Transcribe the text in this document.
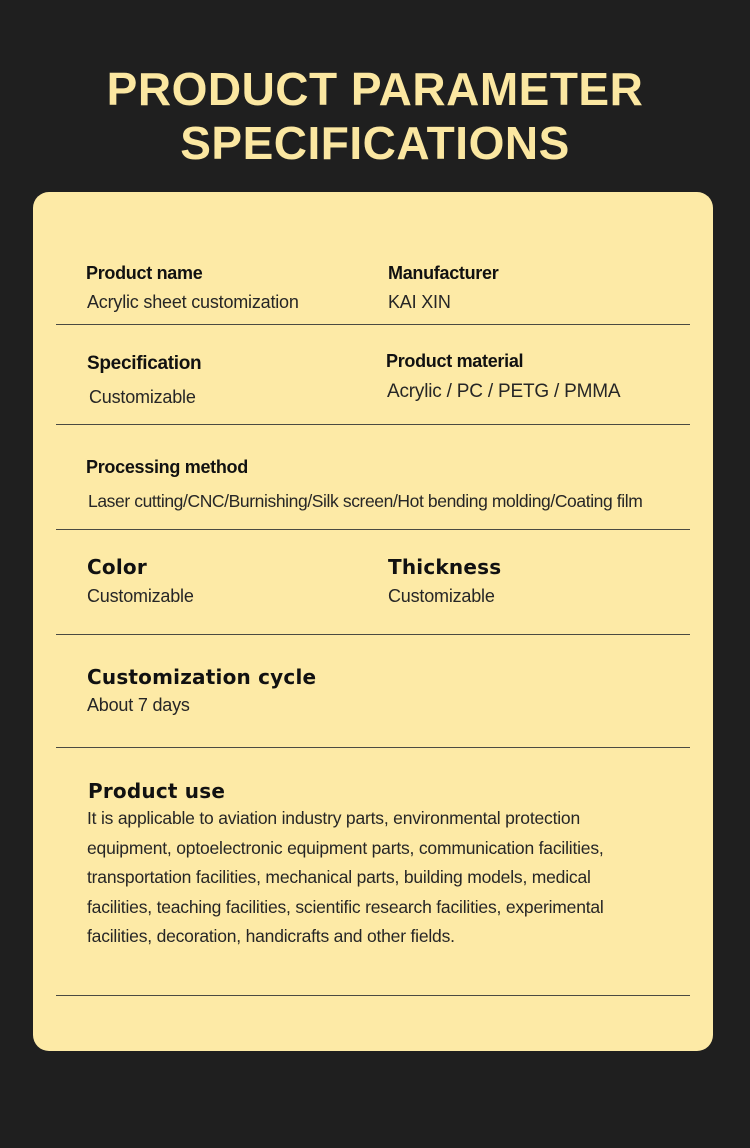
PRODUCT PARAMETER
SPECIFICATIONS
Product name
Acrylic sheet customization
Manufacturer
KAI XIN
Specification
Customizable
Product material
Acrylic / PC / PETG / PMMA
Processing method
Laser cutting/CNC/Burnishing/Silk screen/Hot bending molding/Coating film
Color
Customizable
Thickness
Customizable
Customization cycle
About 7 days
Product use
It is applicable to aviation industry parts, environmental protection equipment, optoelectronic equipment parts, communication facilities, transportation facilities, mechanical parts, building models, medical facilities, teaching facilities, scientific research facilities, experimental facilities, decoration, handicrafts and other fields.
